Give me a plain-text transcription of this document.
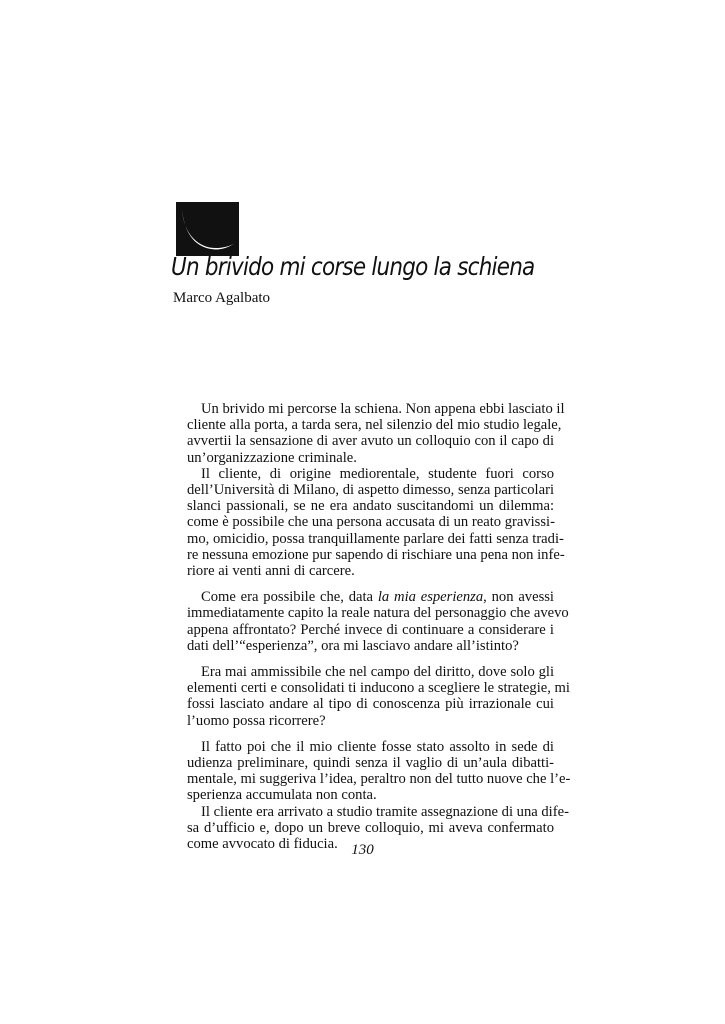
Un brivido mi corse lungo la schiena
Marco Agalbato

Un brivido mi percorse la schiena. Non appena ebbi lasciato il
cliente alla porta, a tarda sera, nel silenzio del mio studio legale,
avvertii la sensazione di aver avuto un colloquio con il capo di
un’organizzazione criminale.

Il cliente, di origine mediorentale, studente fuori corso
dell’Università di Milano, di aspetto dimesso, senza particolari
slanci passionali, se ne era andato suscitandomi un dilemma:
come è possibile che una persona accusata di un reato gravissi-
mo, omicidio, possa tranquillamente parlare dei fatti senza tradi-
re nessuna emozione pur sapendo di rischiare una pena non infe-
riore ai venti anni di carcere.

Come era possibile che, data la mia esperienza, non avessi
immediatamente capito la reale natura del personaggio che avevo
appena affrontato? Perché invece di continuare a considerare i
dati dell’“esperienza”, ora mi lasciavo andare all’istinto?

Era mai ammissibile che nel campo del diritto, dove solo gli
elementi certi e consolidati ti inducono a scegliere le strategie, mi
fossi lasciato andare al tipo di conoscenza più irrazionale cui
l’uomo possa ricorrere?

Il fatto poi che il mio cliente fosse stato assolto in sede di
udienza preliminare, quindi senza il vaglio di un’aula dibatti-
mentale, mi suggeriva l’idea, peraltro non del tutto nuove che l’e-
sperienza accumulata non conta.

Il cliente era arrivato a studio tramite assegnazione di una dife-
sa d’ufficio e, dopo un breve colloquio, mi aveva confermato
come avvocato di fiducia. 130
